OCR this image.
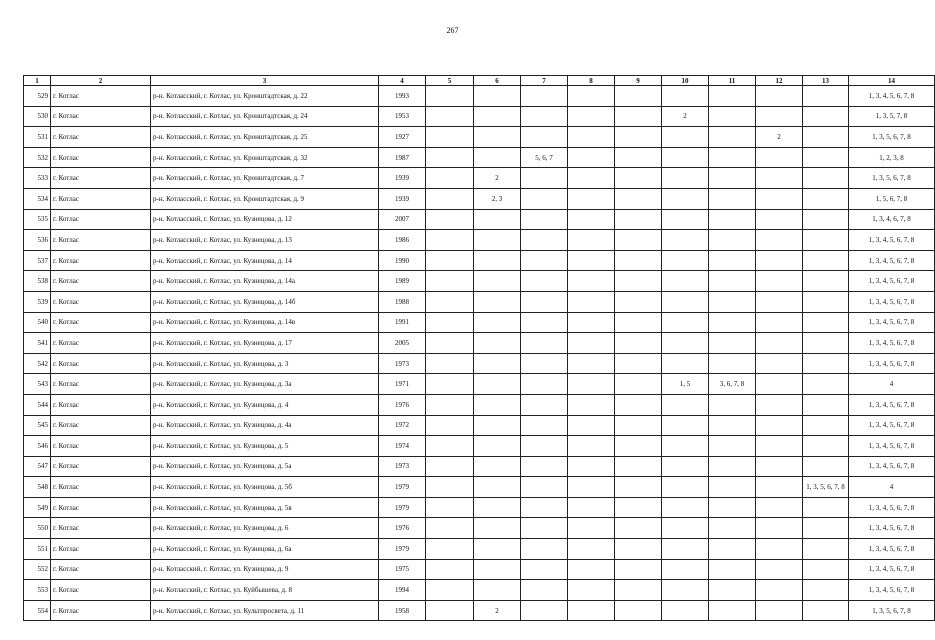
267
1	2	3	4	5	6	7	8	9	10	11	12	13	14
529	г. Котлас	р-н. Котласский, г. Котлас, ул. Кронштадтская, д. 22	1993										1, 3, 4, 5, 6, 7, 8
530	г. Котлас	р-н. Котласский, г. Котлас, ул. Кронштадтская, д. 24	1953						2				1, 3, 5, 7, 8
531	г. Котлас	р-н. Котласский, г. Котлас, ул. Кронштадтская, д. 25	1927								2		1, 3, 5, 6, 7, 8
532	г. Котлас	р-н. Котласский, г. Котлас, ул. Кронштадтская, д. 32	1987			5, 6, 7							1, 2, 3, 8
533	г. Котлас	р-н. Котласский, г. Котлас, ул. Кронштадтская, д. 7	1939		2								1, 3, 5, 6, 7, 8
534	г. Котлас	р-н. Котласский, г. Котлас, ул. Кронштадтская, д. 9	1939		2, 3								1, 5, 6, 7, 8
535	г. Котлас	р-н. Котласский, г. Котлас, ул. Кузнецова, д. 12	2007										1, 3, 4, 6, 7, 8
536	г. Котлас	р-н. Котласский, г. Котлас, ул. Кузнецова, д. 13	1986										1, 3, 4, 5, 6, 7, 8
537	г. Котлас	р-н. Котласский, г. Котлас, ул. Кузнецова, д. 14	1990										1, 3, 4, 5, 6, 7, 8
538	г. Котлас	р-н. Котласский, г. Котлас, ул. Кузнецова, д. 14а	1989										1, 3, 4, 5, 6, 7, 8
539	г. Котлас	р-н. Котласский, г. Котлас, ул. Кузнецова, д. 14б	1988										1, 3, 4, 5, 6, 7, 8
540	г. Котлас	р-н. Котласский, г. Котлас, ул. Кузнецова, д. 14в	1991										1, 3, 4, 5, 6, 7, 8
541	г. Котлас	р-н. Котласский, г. Котлас, ул. Кузнецова, д. 17	2005										1, 3, 4, 5, 6, 7, 8
542	г. Котлас	р-н. Котласский, г. Котлас, ул. Кузнецова, д. 3	1973										1, 3, 4, 5, 6, 7, 8
543	г. Котлас	р-н. Котласский, г. Котлас, ул. Кузнецова, д. 3а	1971						1, 5	3, 6, 7, 8			4
544	г. Котлас	р-н. Котласский, г. Котлас, ул. Кузнецова, д. 4	1976										1, 3, 4, 5, 6, 7, 8
545	г. Котлас	р-н. Котласский, г. Котлас, ул. Кузнецова, д. 4а	1972										1, 3, 4, 5, 6, 7, 8
546	г. Котлас	р-н. Котласский, г. Котлас, ул. Кузнецова, д. 5	1974										1, 3, 4, 5, 6, 7, 8
547	г. Котлас	р-н. Котласский, г. Котлас, ул. Кузнецова, д. 5а	1973										1, 3, 4, 5, 6, 7, 8
548	г. Котлас	р-н. Котласский, г. Котлас, ул. Кузнецова, д. 5б	1979									1, 3, 5, 6, 7, 8	4
549	г. Котлас	р-н. Котласский, г. Котлас, ул. Кузнецова, д. 5в	1979										1, 3, 4, 5, 6, 7, 8
550	г. Котлас	р-н. Котласский, г. Котлас, ул. Кузнецова, д. 6	1976										1, 3, 4, 5, 6, 7, 8
551	г. Котлас	р-н. Котласский, г. Котлас, ул. Кузнецова, д. 6а	1979										1, 3, 4, 5, 6, 7, 8
552	г. Котлас	р-н. Котласский, г. Котлас, ул. Кузнецова, д. 9	1975										1, 3, 4, 5, 6, 7, 8
553	г. Котлас	р-н. Котласский, г. Котлас, ул. Куйбышева, д. 8	1994										1, 3, 4, 5, 6, 7, 8
554	г. Котлас	р-н. Котласский, г. Котлас, ул. Культпросвета, д. 11	1958		2								1, 3, 5, 6, 7, 8
